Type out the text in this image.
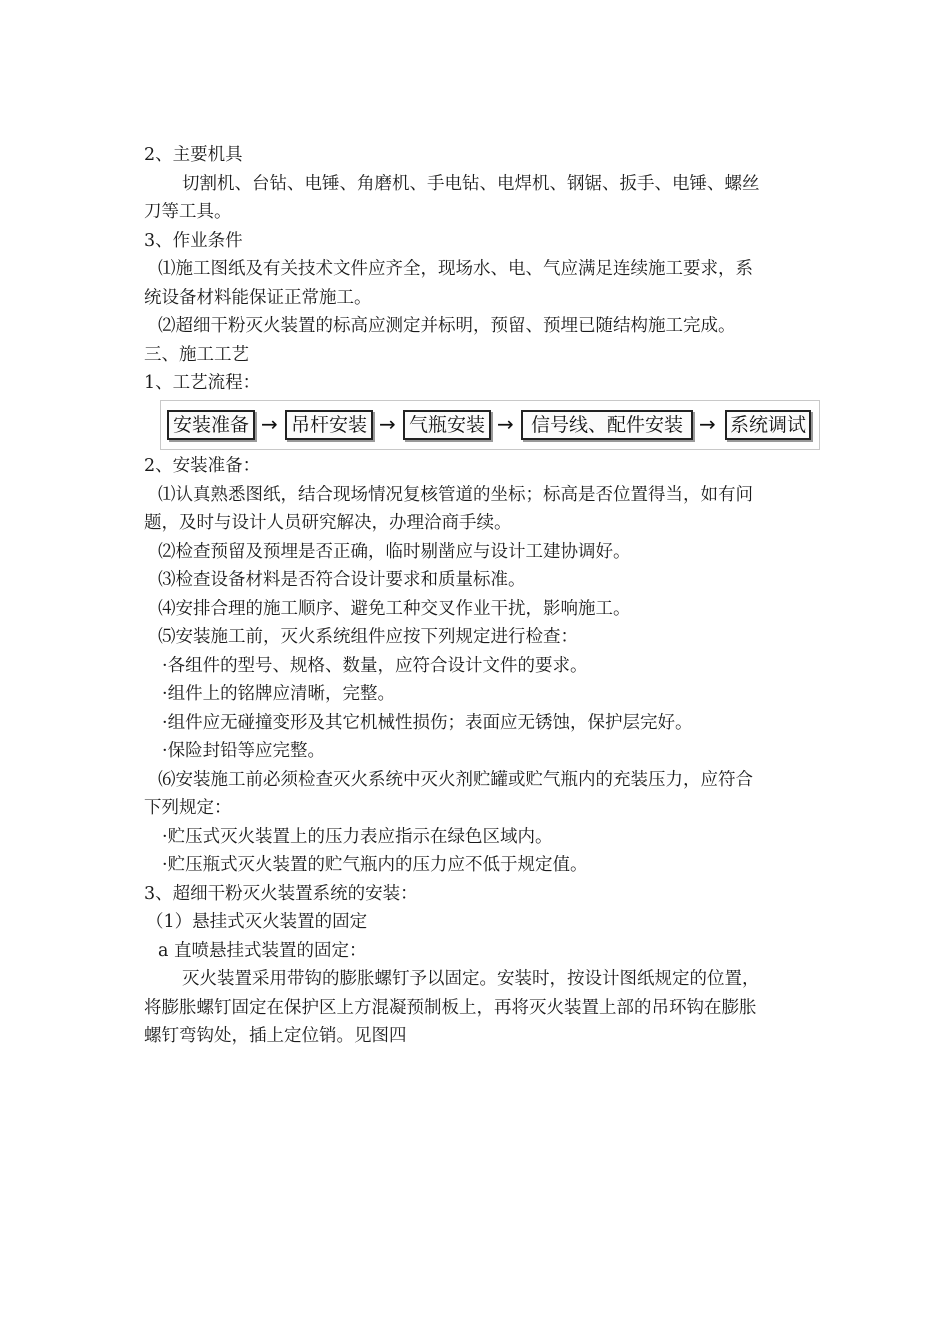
2、主要机具
切割机、台钻、电锤、角磨机、手电钻、电焊机、钢锯、扳手、电锤、螺丝
刀等工具。
3、作业条件
⑴施工图纸及有关技术文件应齐全，现场水、电、气应满足连续施工要求，系
统设备材料能保证正常施工。
⑵超细干粉灭火装置的标高应测定并标明，预留、预埋已随结构施工完成。
三、施工工艺
1、工艺流程：
安装准备 → 吊杆安装 → 气瓶安装 → 信号线、配件安装 → 系统调试
2、安装准备：
⑴认真熟悉图纸，结合现场情况复核管道的坐标；标高是否位置得当，如有问
题，及时与设计人员研究解决，办理洽商手续。
⑵检查预留及预埋是否正确，临时剔凿应与设计工建协调好。
⑶检查设备材料是否符合设计要求和质量标准。
⑷安排合理的施工顺序、避免工种交叉作业干扰，影响施工。
⑸安装施工前，灭火系统组件应按下列规定进行检查：
·各组件的型号、规格、数量，应符合设计文件的要求。
·组件上的铭牌应清晰，完整。
·组件应无碰撞变形及其它机械性损伤；表面应无锈蚀，保护层完好。
·保险封铅等应完整。
⑹安装施工前必须检查灭火系统中灭火剂贮罐或贮气瓶内的充装压力，应符合
下列规定：
·贮压式灭火装置上的压力表应指示在绿色区域内。
·贮压瓶式灭火装置的贮气瓶内的压力应不低于规定值。
3、超细干粉灭火装置系统的安装：
（1）悬挂式灭火装置的固定
a 直喷悬挂式装置的固定：
灭火装置采用带钩的膨胀螺钉予以固定。安装时，按设计图纸规定的位置，
将膨胀螺钉固定在保护区上方混凝预制板上，再将灭火装置上部的吊环钩在膨胀
螺钉弯钩处，插上定位销。见图四
